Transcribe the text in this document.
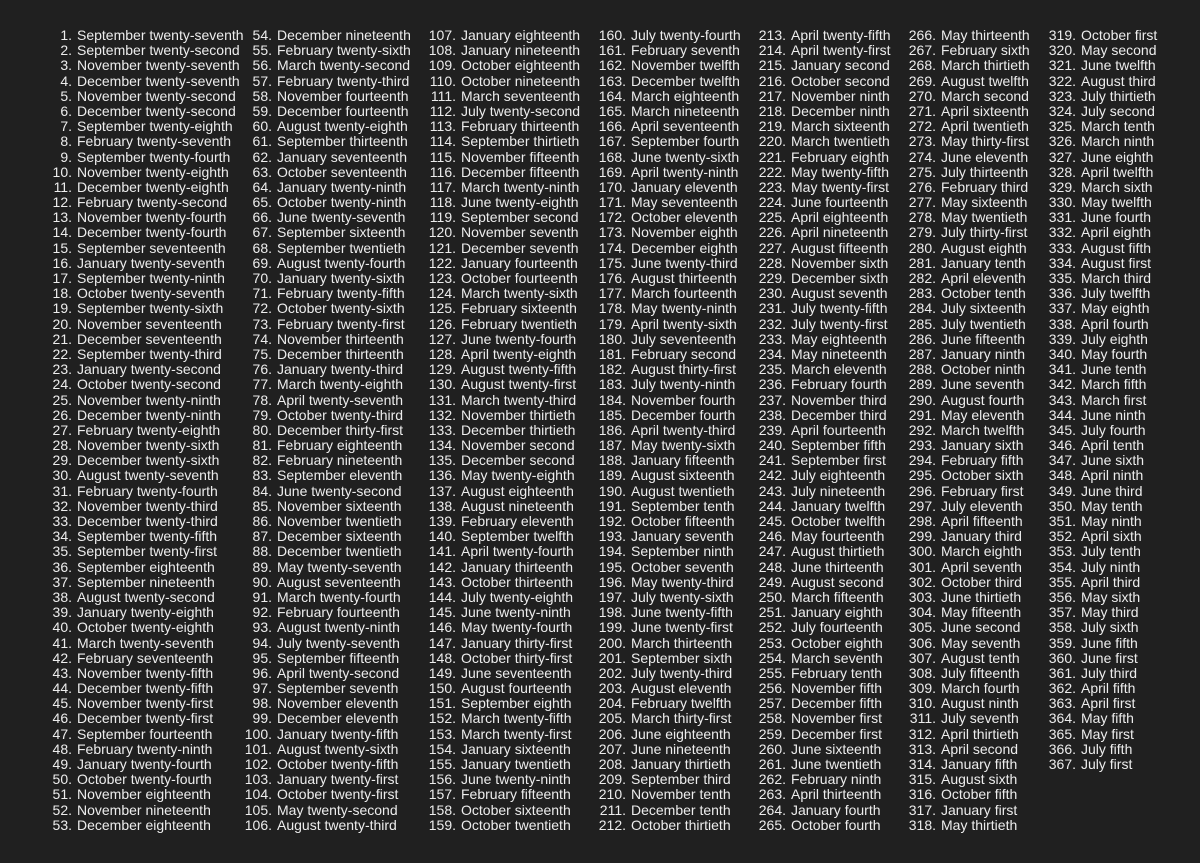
1. September twenty-seventh
2. September twenty-second
3. November twenty-seventh
4. December twenty-seventh
5. November twenty-second
6. December twenty-second
7. September twenty-eighth
8. February twenty-seventh
9. September twenty-fourth
10. November twenty-eighth
11. December twenty-eighth
12. February twenty-second
13. November twenty-fourth
14. December twenty-fourth
15. September seventeenth
16. January twenty-seventh
17. September twenty-ninth
18. October twenty-seventh
19. September twenty-sixth
20. November seventeenth
21. December seventeenth
22. September twenty-third
23. January twenty-second
24. October twenty-second
25. November twenty-ninth
26. December twenty-ninth
27. February twenty-eighth
28. November twenty-sixth
29. December twenty-sixth
30. August twenty-seventh
31. February twenty-fourth
32. November twenty-third
33. December twenty-third
34. September twenty-fifth
35. September twenty-first
36. September eighteenth
37. September nineteenth
38. August twenty-second
39. January twenty-eighth
40. October twenty-eighth
41. March twenty-seventh
42. February seventeenth
43. November twenty-fifth
44. December twenty-fifth
45. November twenty-first
46. December twenty-first
47. September fourteenth
48. February twenty-ninth
49. January twenty-fourth
50. October twenty-fourth
51. November eighteenth
52. November nineteenth
53. December eighteenth
54. December nineteenth
55. February twenty-sixth
56. March twenty-second
57. February twenty-third
58. November fourteenth
59. December fourteenth
60. August twenty-eighth
61. September thirteenth
62. January seventeenth
63. October seventeenth
64. January twenty-ninth
65. October twenty-ninth
66. June twenty-seventh
67. September sixteenth
68. September twentieth
69. August twenty-fourth
70. January twenty-sixth
71. February twenty-fifth
72. October twenty-sixth
73. February twenty-first
74. November thirteenth
75. December thirteenth
76. January twenty-third
77. March twenty-eighth
78. April twenty-seventh
79. October twenty-third
80. December thirty-first
81. February eighteenth
82. February nineteenth
83. September eleventh
84. June twenty-second
85. November sixteenth
86. November twentieth
87. December sixteenth
88. December twentieth
89. May twenty-seventh
90. August seventeenth
91. March twenty-fourth
92. February fourteenth
93. August twenty-ninth
94. July twenty-seventh
95. September fifteenth
96. April twenty-second
97. September seventh
98. November eleventh
99. December eleventh
100. January twenty-fifth
101. August twenty-sixth
102. October twenty-fifth
103. January twenty-first
104. October twenty-first
105. May twenty-second
106. August twenty-third
107. January eighteenth
108. January nineteenth
109. October eighteenth
110. October nineteenth
111. March seventeenth
112. July twenty-second
113. February thirteenth
114. September thirtieth
115. November fifteenth
116. December fifteenth
117. March twenty-ninth
118. June twenty-eighth
119. September second
120. November seventh
121. December seventh
122. January fourteenth
123. October fourteenth
124. March twenty-sixth
125. February sixteenth
126. February twentieth
127. June twenty-fourth
128. April twenty-eighth
129. August twenty-fifth
130. August twenty-first
131. March twenty-third
132. November thirtieth
133. December thirtieth
134. November second
135. December second
136. May twenty-eighth
137. August eighteenth
138. August nineteenth
139. February eleventh
140. September twelfth
141. April twenty-fourth
142. January thirteenth
143. October thirteenth
144. July twenty-eighth
145. June twenty-ninth
146. May twenty-fourth
147. January thirty-first
148. October thirty-first
149. June seventeenth
150. August fourteenth
151. September eighth
152. March twenty-fifth
153. March twenty-first
154. January sixteenth
155. January twentieth
156. June twenty-ninth
157. February fifteenth
158. October sixteenth
159. October twentieth
160. July twenty-fourth
161. February seventh
162. November twelfth
163. December twelfth
164. March eighteenth
165. March nineteenth
166. April seventeenth
167. September fourth
168. June twenty-sixth
169. April twenty-ninth
170. January eleventh
171. May seventeenth
172. October eleventh
173. November eighth
174. December eighth
175. June twenty-third
176. August thirteenth
177. March fourteenth
178. May twenty-ninth
179. April twenty-sixth
180. July seventeenth
181. February second
182. August thirty-first
183. July twenty-ninth
184. November fourth
185. December fourth
186. April twenty-third
187. May twenty-sixth
188. January fifteenth
189. August sixteenth
190. August twentieth
191. September tenth
192. October fifteenth
193. January seventh
194. September ninth
195. October seventh
196. May twenty-third
197. July twenty-sixth
198. June twenty-fifth
199. June twenty-first
200. March thirteenth
201. September sixth
202. July twenty-third
203. August eleventh
204. February twelfth
205. March thirty-first
206. June eighteenth
207. June nineteenth
208. January thirtieth
209. September third
210. November tenth
211. December tenth
212. October thirtieth
213. April twenty-fifth
214. April twenty-first
215. January second
216. October second
217. November ninth
218. December ninth
219. March sixteenth
220. March twentieth
221. February eighth
222. May twenty-fifth
223. May twenty-first
224. June fourteenth
225. April eighteenth
226. April nineteenth
227. August fifteenth
228. November sixth
229. December sixth
230. August seventh
231. July twenty-fifth
232. July twenty-first
233. May eighteenth
234. May nineteenth
235. March eleventh
236. February fourth
237. November third
238. December third
239. April fourteenth
240. September fifth
241. September first
242. July eighteenth
243. July nineteenth
244. January twelfth
245. October twelfth
246. May fourteenth
247. August thirtieth
248. June thirteenth
249. August second
250. March fifteenth
251. January eighth
252. July fourteenth
253. October eighth
254. March seventh
255. February tenth
256. November fifth
257. December fifth
258. November first
259. December first
260. June sixteenth
261. June twentieth
262. February ninth
263. April thirteenth
264. January fourth
265. October fourth
266. May thirteenth
267. February sixth
268. March thirtieth
269. August twelfth
270. March second
271. April sixteenth
272. April twentieth
273. May thirty-first
274. June eleventh
275. July thirteenth
276. February third
277. May sixteenth
278. May twentieth
279. July thirty-first
280. August eighth
281. January tenth
282. April eleventh
283. October tenth
284. July sixteenth
285. July twentieth
286. June fifteenth
287. January ninth
288. October ninth
289. June seventh
290. August fourth
291. May eleventh
292. March twelfth
293. January sixth
294. February fifth
295. October sixth
296. February first
297. July eleventh
298. April fifteenth
299. January third
300. March eighth
301. April seventh
302. October third
303. June thirtieth
304. May fifteenth
305. June second
306. May seventh
307. August tenth
308. July fifteenth
309. March fourth
310. August ninth
311. July seventh
312. April thirtieth
313. April second
314. January fifth
315. August sixth
316. October fifth
317. January first
318. May thirtieth
319. October first
320. May second
321. June twelfth
322. August third
323. July thirtieth
324. July second
325. March tenth
326. March ninth
327. June eighth
328. April twelfth
329. March sixth
330. May twelfth
331. June fourth
332. April eighth
333. August fifth
334. August first
335. March third
336. July twelfth
337. May eighth
338. April fourth
339. July eighth
340. May fourth
341. June tenth
342. March fifth
343. March first
344. June ninth
345. July fourth
346. April tenth
347. June sixth
348. April ninth
349. June third
350. May tenth
351. May ninth
352. April sixth
353. July tenth
354. July ninth
355. April third
356. May sixth
357. May third
358. July sixth
359. June fifth
360. June first
361. July third
362. April fifth
363. April first
364. May fifth
365. May first
366. July fifth
367. July first
